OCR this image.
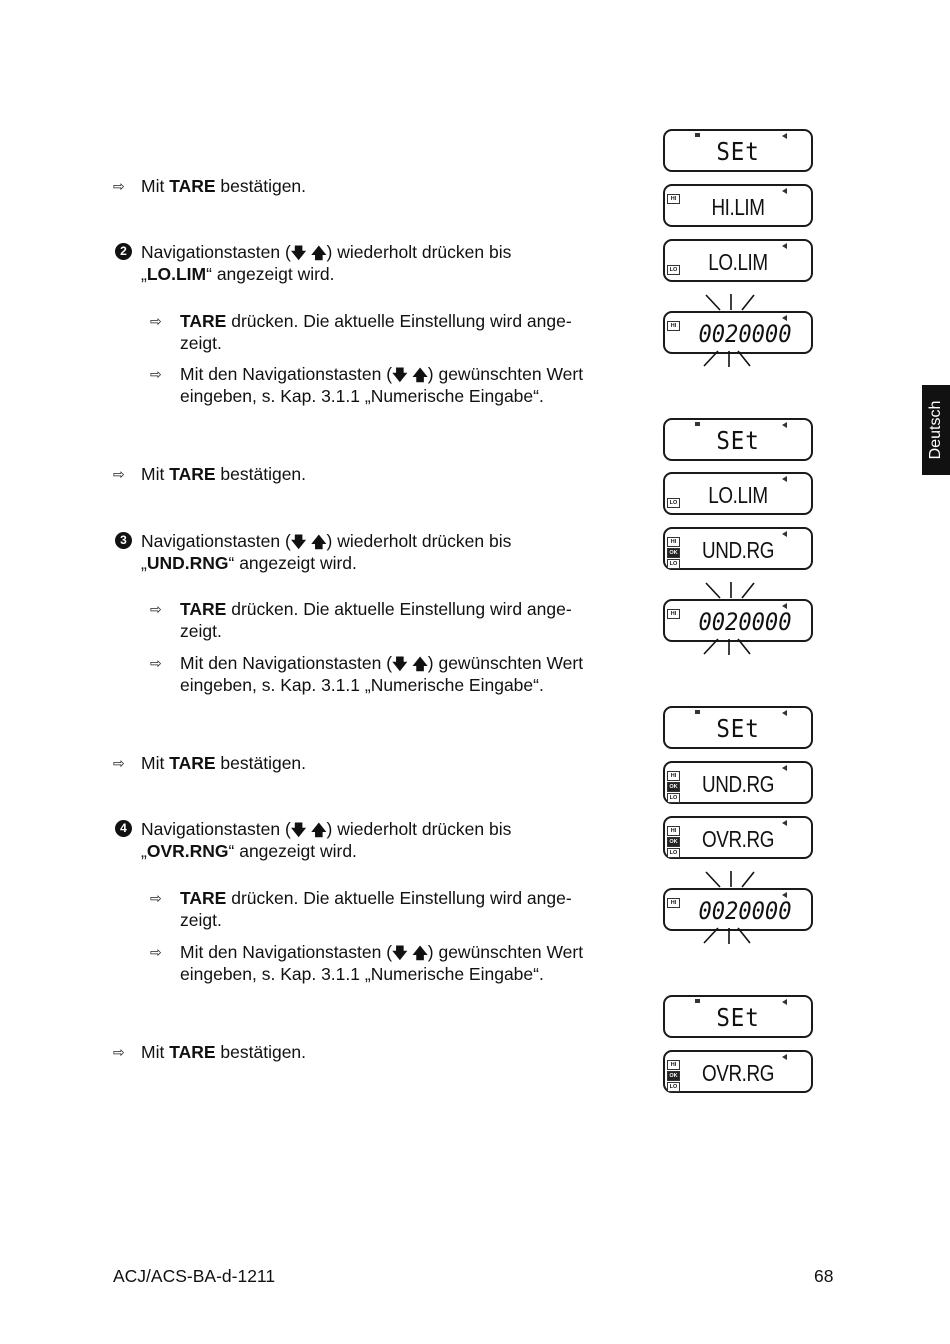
Deutsch
⇨ Mit TARE bestätigen.
2 Navigationstasten (🡇 🡅) wiederholt drücken bis
„LO.LIM“ angezeigt wird.
⇨ TARE drücken. Die aktuelle Einstellung wird ange-
zeigt.
⇨ Mit den Navigationstasten (🡇 🡅) gewünschten Wert
eingeben, s. Kap. 3.1.1 „Numerische Eingabe“.
⇨ Mit TARE bestätigen.
3 Navigationstasten (🡇 🡅) wiederholt drücken bis
„UND.RNG“ angezeigt wird.
⇨ TARE drücken. Die aktuelle Einstellung wird ange-
zeigt.
⇨ Mit den Navigationstasten (🡇 🡅) gewünschten Wert
eingeben, s. Kap. 3.1.1 „Numerische Eingabe“.
⇨ Mit TARE bestätigen.
4 Navigationstasten (🡇 🡅) wiederholt drücken bis
„OVR.RNG“ angezeigt wird.
⇨ TARE drücken. Die aktuelle Einstellung wird ange-
zeigt.
⇨ Mit den Navigationstasten (🡇 🡅) gewünschten Wert
eingeben, s. Kap. 3.1.1 „Numerische Eingabe“.
⇨ Mit TARE bestätigen.
SEt
HI	HI.LIM
LO	LO.LIM
HI 0020000
SEt
LO	LO.LIM
HI
OK
LO
UND.RG
HI 0020000
SEt
HI
OK
LO
UND.RG
HI
OK
LO
OVR.RG
HI 0020000
SEt
HI
OK
LO
OVR.RG
ACJ/ACS-BA-d-1211	68
